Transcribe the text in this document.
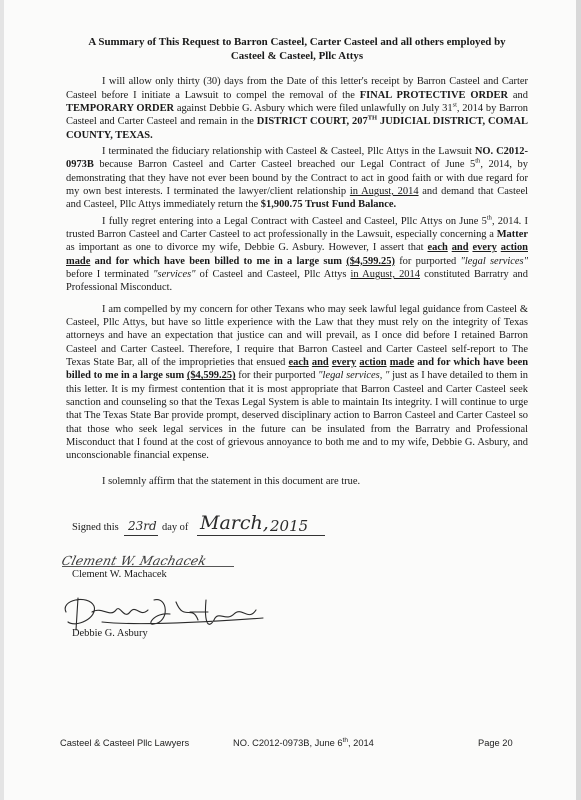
A Summary of This Request to Barron Casteel, Carter Casteel and all others employed by
Casteel & Casteel, Pllc Attys

I will allow only thirty (30) days from the Date of this letter's receipt by Barron Casteel and Carter Casteel before I initiate a Lawsuit to compel the removal of the FINAL PROTECTIVE ORDER and TEMPORARY ORDER against Debbie G. Asbury which were filed unlawfully on July 31st, 2014 by Barron Casteel and Carter Casteel and remain in the DISTRICT COURT, 207TH JUDICIAL DISTRICT, COMAL COUNTY, TEXAS.

I terminated the fiduciary relationship with Casteel & Casteel, Pllc Attys in the Lawsuit NO. C2012-0973B because Barron Casteel and Carter Casteel breached our Legal Contract of June 5th, 2014, by demonstrating that they have not ever been bound by the Contract to act in good faith or with due regard for my own best interests. I terminated the lawyer/client relationship in August, 2014 and demand that Casteel and Casteel, Pllc Attys immediately return the $1,900.75 Trust Fund Balance.

I fully regret entering into a Legal Contract with Casteel and Casteel, Pllc Attys on June 5th, 2014. I trusted Barron Casteel and Carter Casteel to act professionally in the Lawsuit, especially concerning a Matter as important as one to divorce my wife, Debbie G. Asbury. However, I assert that each and every action made and for which have been billed to me in a large sum ($4,599.25) for purported "legal services" before I terminated "services" of Casteel and Casteel, Pllc Attys in August, 2014 constituted Barratry and Professional Misconduct.

I am compelled by my concern for other Texans who may seek lawful legal guidance from Casteel & Casteel, Pllc Attys, but have so little experience with the Law that they must rely on the integrity of Texas attorneys and have an expectation that justice can and will prevail, as I once did before I retained Barron Casteel and Carter Casteel. Therefore, I require that Barron Casteel and Carter Casteel self-report to The Texas State Bar, all of the improprieties that ensued each and every action made and for which have been billed to me in a large sum ($4,599.25) for their purported "legal services, " just as I have detailed to them in this letter. It is my firmest contention that it is most appropriate that Barron Casteel and Carter Casteel seek sanction and counseling so that the Texas Legal System is able to maintain Its integrity. I will continue to urge that The Texas State Bar provide prompt, deserved disciplinary action to Barron Casteel and Carter Casteel so that those who seek legal services in the future can be insulated from the Barratry and Professional Misconduct that I found at the cost of grievous annoyance to both me and to my wife, Debbie G. Asbury, and unconscionable financial expense.

I solemnly affirm that the statement in this document are true.

Signed this 23rd day of March, 2015
Clement W. Machacek
Clement W. Machacek
Debbie G. Asbury
Casteel & Casteel Pllc Lawyers	NO. C2012-0973B, June 6th, 2014	Page 20
